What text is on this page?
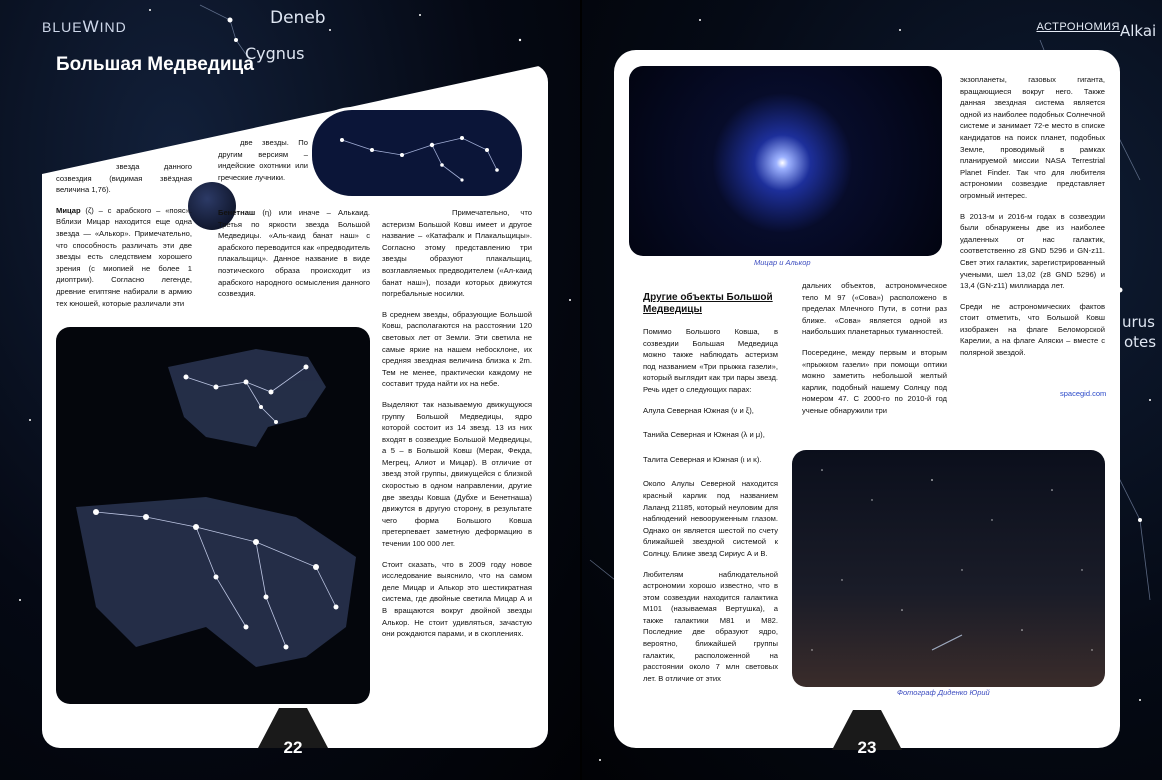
Deneb
Cygnus
Alkai
urus
otes
BLUEWIND	АСТРОНОМИЯ
Большая Медведица

звезда данного созвездия (видимая звёздная величина 1,76).

Мицар (ζ) – с арабского – «пояс». Вблизи Мицар находится еще одна звезда — «Алькор». Примечательно, что способность различать эти две звезды есть следствием хорошего зрения (с миопией не более 1 диоптрии). Согласно легенде, древние египтяне набирали в армию тех юношей, которые различали эти

две звезды. По другим версиям – индейские охотники или греческие лучники.

Бенетнаш (η) или иначе – Алькаид. Третья по яркости звезда Большой Медведицы. «Аль-каид банат наш» с арабского переводится как «предводитель плакальщиц». Данное название в виде поэтического образа происходит из арабского народного осмысления данного созвездия.

Примечательно, что астеризм Большой Ковш имеет и другое название – «Катафалк и Плакальщицы». Согласно этому представлению три звезды образуют плакальщиц, возглавляемых предводителем («Ал-каид банат наш»), позади которых движутся погребальные носилки.

В среднем звезды, образующие Большой Ковш, располагаются на расстоянии 120 световых лет от Земли. Эти светила не самые яркие на нашем небосклоне, их средняя звездная величина близка к 2m. Тем не менее, практически каждому не составит труда найти их на небе.

Выделяют так называемую движущуюся группу Большой Медведицы, ядро которой состоит из 14 звезд. 13 из них входят в созвездие Большой Медведицы, а 5 – в Большой Ковш (Мерак, Фекда, Мегрец, Алиот и Мицар). В отличие от звезд этой группы, движущейся с близкой скоростью в одном направлении, другие две звезды Ковша (Дубхе и Бенетнаша) движутся в другую сторону, в результате чего форма Большого Ковша претерпевает заметную деформацию в течении 100 000 лет.

Стоит сказать, что в 2009 году новое исследование выяснило, что на самом деле Мицар и Алькор это шестикратная система, где двойные светила Мицар А и В вращаются вокруг двойной звезды Алькор. Не стоит удивляться, зачастую они рождаются парами, и в скоплениях.

22
Мицар и Алькор
Другие объекты Большой Медведицы

Помимо Большого Ковша, в созвездии Большая Медведица можно также наблюдать астеризм под названием «Три прыжка газели», который выглядит как три пары звезд. Речь идет о следующих парах:

Алула Северная Южная (ν и ξ),

Танийа Северная и Южная (λ и μ),

Талита Северная и Южная (ι и κ).

Около Алулы Северной находится красный карлик под названием Лаланд 21185, который неуловим для наблюдений невооруженным глазом. Однако он является шестой по счету ближайшей звездной системой к Солнцу. Ближе звезд Сириус А и В.

Любителям наблюдательной астрономии хорошо известно, что в этом созвездии находится галактика M101 (называемая Вертушка), а также галактики M81 и M82. Последние две образуют ядро, вероятно, ближайшей группы галактик, расположенной на расстоянии около 7 млн световых лет. В отличие от этих

дальних объектов, астрономическое тело M 97 («Сова») расположено в пределах Млечного Пути, в сотни раз ближе. «Сова» является одной из наибольших планетарных туманностей.

Посередине, между первым и вторым «прыжком газели» при помощи оптики можно заметить небольшой желтый карлик, подобный нашему Солнцу под номером 47. С 2000-го по 2010-й год ученые обнаружили три

экзопланеты, газовых гиганта, вращающиеся вокруг него. Также данная звездная система является одной из наиболее подобных Солнечной системе и занимает 72-е место в списке кандидатов на поиск планет, подобных Земле, проводимый в рамках планируемой миссии NASA Terrestrial Planet Finder. Так что для любителя астрономии созвездие представляет огромный интерес.

В 2013-м и 2016-м годах в созвездии были обнаружены две из наиболее удаленных от нас галактик, соответственно z8 GND 5296 и GN-z11. Свет этих галактик, зарегистрированный учеными, шел 13,02 (z8 GND 5296) и 13,4 (GN-z11) миллиарда лет.

Среди не астрономических фактов стоит отметить, что Большой Ковш изображен на флаге Беломорской Карелии, а на флаге Аляски – вместе с полярной звездой.

spacegid.com
Фотограф Диденко Юрий
23
